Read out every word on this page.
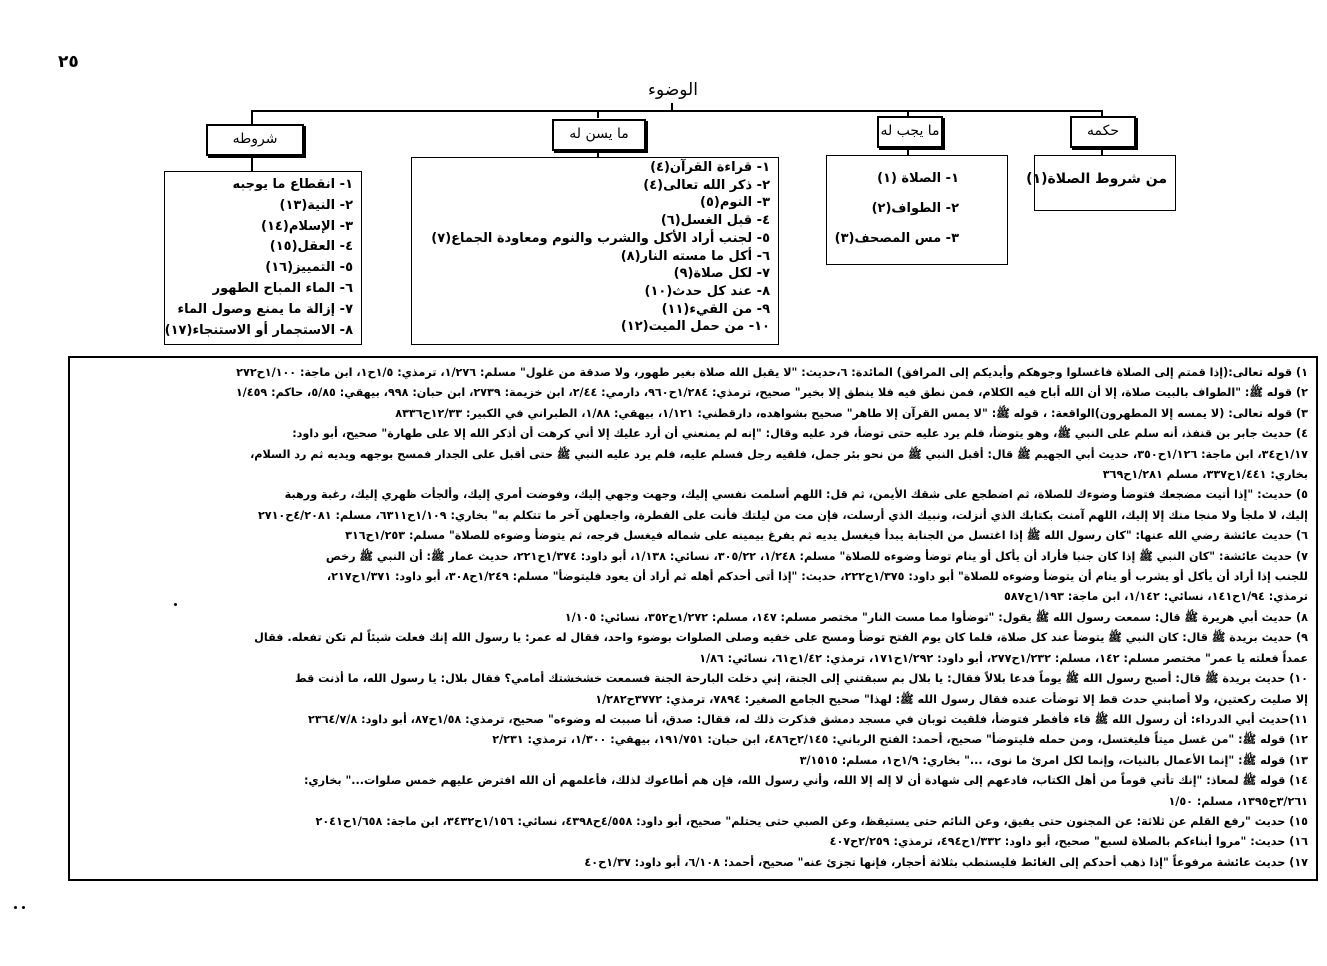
٢٥
الوضوء
حكمه
ما يجب له
ما يسن له
شروطه
من شروط الصلاة(١)
١- الصلاة (١)
٢- الطواف(٢)
٣- مس المصحف(٣)
١- قراءة القرآن(٤)
٢- ذكر الله تعالى(٤)
٣- النوم(٥)
٤- قبل الغسل(٦)
٥- لجنب أراد الأكل والشرب والنوم ومعاودة الجماع(٧)
٦- أكل ما مسته النار(٨)
٧- لكل صلاة(٩)
٨- عند كل حدث(١٠)
٩- من القيء(١١)
١٠- من حمل الميت(١٢)
١- انقطاع ما يوجبه
٢- النية(١٣)
٣- الإسلام(١٤)
٤- العقل(١٥)
٥- التمييز(١٦)
٦- الماء المباح الطهور
٧- إزالة ما يمنع وصول الماء
٨- الاستجمار أو الاستنجاء(١٧)
١) قوله تعالى:(إذا قمتم إلى الصلاة فاغسلوا وجوهكم وأيديكم إلى المرافق) المائدة: ٦،حديث: "لا يقبل الله صلاة بغير طهور، ولا صدقة من غلول" مسلم: ١/٢٧٦، ترمذي: ١/٥ح١، ابن ماجة: ١/١٠٠ح٢٧٢
٢) قوله ﷺ: "الطواف بالبيت صلاة، إلا أن الله أباح فيه الكلام، فمن نطق فيه فلا ينطق إلا بخير" صحيح، ترمذي: ١/٢٨٤ح٩٦٠، دارمي: ٢/٤٤، ابن خزيمة: ٢٧٣٩، ابن حبان: ٩٩٨، بيهقي: ٥/٨٥، حاكم: ١/٤٥٩
٣) قوله تعالى: (لا يمسه إلا المطهرون)الواقعة: ، قوله ﷺ: "لا يمس القرآن إلا طاهر" صحيح بشواهده، دارقطني: ١/١٢١، بيهقي: ١/٨٨، الطبراني في الكبير: ١٢/٣٣ح٨٣٣٦
٤) حديث جابر بن قنفذ، أنه سلم على النبي ﷺ، وهو يتوضأ، فلم يرد عليه حتى توضأ، فرد عليه وقال: "إنه لم يمنعني أن أرد عليك إلا أني كرهت أن أذكر الله إلا على طهارة" صحيح، أبو داود:
١/١٧ح٣٤، ابن ماجة: ١/١٢٦ح٣٥٠، حديث أبي الجهيم ﷺ قال: أقبل النبي ﷺ من نحو بئر جمل، فلقيه رجل فسلم عليه، فلم يرد عليه النبي ﷺ حتى أقبل على الجدار فمسح بوجهه ويديه ثم رد السلام،
بخاري: ١/٤٤١ح٣٣٧، مسلم ١/٢٨١ح٣٦٩
٥) حديث: "إذا أتيت مضجعك فتوضأ وضوءك للصلاة، ثم اضطجع على شقك الأيمن، ثم قل: اللهم أسلمت نفسي إليك، وجهت وجهي إليك، وفوضت أمري إليك، وألجأت ظهري إليك، رغبة ورهبة
إليك، لا ملجأ ولا منجا منك إلا إليك، اللهم آمنت بكتابك الذي أنزلت، ونبيك الذي أرسلت، فإن مت من ليلتك فأنت على الفطرة، واجعلهن آخر ما تتكلم به" بخاري: ١/١٠٩ح٦٣١١، مسلم: ٤/٢٠٨١ح٢٧١٠
٦) حديث عائشة رضي الله عنها: "كان رسول الله ﷺ إذا اغتسل من الجنابة يبدأ فيغسل يديه ثم يفرغ بيمينه على شماله فيغسل فرجه، ثم يتوضأ وضوءه للصلاة" مسلم: ١/٢٥٣ح٣١٦
٧) حديث عائشة: "كان النبي ﷺ إذا كان جنبا فأراد أن يأكل أو ينام توضأ وضوءه للصلاة" مسلم: ١/٢٤٨، ٣٠٥/٢٢، نسائي: ١/١٣٨، أبو داود: ١/٣٧٤ح٢٢١، حديث عمار ﷺ: أن النبي ﷺ رخص
للجنب إذا أراد أن يأكل أو يشرب أو ينام أن يتوضأ وضوءه للصلاة" أبو داود: ١/٣٧٥ح٢٢٢، حديث: "إذا أتى أحدكم أهله ثم أراد أن يعود فليتوضأ" مسلم: ١/٢٤٩ح٣٠٨، أبو داود: ١/٣٧١ح٢١٧،
ترمذي: ١/٩٤ح١٤١، نسائي: ١/١٤٢، ابن ماجة: ١/١٩٣ح٥٨٧
٨) حديث أبي هريرة ﷺ قال: سمعت رسول الله ﷺ يقول: "توضأوا مما مست النار" مختصر مسلم: ١٤٧، مسلم: ١/٢٧٢ح٣٥٢، نسائي: ١/١٠٥
٩) حديث بريدة ﷺ قال: كان النبي ﷺ يتوضأ عند كل صلاة، فلما كان يوم الفتح توضأ ومسح على خفيه وصلى الصلوات بوضوء واحد، فقال له عمر: يا رسول الله إنك فعلت شيئاً لم تكن تفعله. فقال
عمداً فعلته يا عمر" مختصر مسلم: ١٤٢، مسلم: ١/٢٣٢ح٢٧٧، أبو داود: ١/٢٩٢ح١٧١، ترمذي: ١/٤٢ح٦١، نسائي: ١/٨٦
١٠) حديث بريدة ﷺ قال: أصبح رسول الله ﷺ يوماً فدعا بلالاً فقال: يا بلال بم سبقتني إلى الجنة، إني دخلت البارحة الجنة فسمعت خشخشتك أمامي؟ فقال بلال: يا رسول الله، ما أذنت قط
إلا صليت ركعتين، ولا أصابني حدث قط إلا توضأت عنده فقال رسول الله ﷺ: لهذا" صحيح الجامع الصغير: ٧٨٩٤، ترمذي: ٣٧٧٢ح١/٢٨٢
١١)حديث أبي الدرداء: أن رسول الله ﷺ قاء فأفطر فتوضأ، فلقيت ثوبان في مسجد دمشق فذكرت ذلك له، فقال: صدق، أنا صببت له وضوءه" صحيح، ترمذي: ١/٥٨ح٨٧، أبو داود: ٢٣٦٤/٧/٨
١٢) قوله ﷺ: "من غسل ميتاً فليغتسل، ومن حمله فليتوضأ" صحيح، أحمد: الفتح الرباني: ٢/١٤٥ح٤٨٦، ابن حبان: ١٩١/٧٥١، بيهقي: ١/٣٠٠، ترمذي: ٢/٢٣١
١٣) قوله ﷺ: "إنما الأعمال بالنيات، وإنما لكل امرئ ما نوى، ..." بخاري: ١/٩ح١، مسلم: ٣/١٥١٥
١٤) قوله ﷺ لمعاذ: "إنك تأتي قوماً من أهل الكتاب، فادعهم إلى شهادة أن لا إله إلا الله، وأني رسول الله، فإن هم أطاعوك لذلك، فأعلمهم أن الله افترض عليهم خمس صلوات..." بخاري:
٣/٢٦١ح١٣٩٥، مسلم: ١/٥٠
١٥) حديث "رفع القلم عن ثلاثة: عن المجنون حتى يفيق، وعن النائم حتى يستيقظ، وعن الصبي حتى يحتلم" صحيح، أبو داود: ٤/٥٥٨ح٤٣٩٨، نسائي: ١/١٥٦ح٣٤٣٢، ابن ماجة: ١/٦٥٨ح٢٠٤١
١٦) حديث: "مروا أبناءكم بالصلاة لسبع" صحيح، أبو داود: ١/٣٣٢ح٤٩٤، ترمذي: ٢/٢٥٩ح٤٠٧
١٧) حديث عائشة مرفوعاً "إذا ذهب أحدكم إلى الغائط فليستطب بثلاثة أحجار، فإنها تجزئ عنه" صحيح، أحمد: ٦/١٠٨، أبو داود: ١/٣٧ح٤٠
